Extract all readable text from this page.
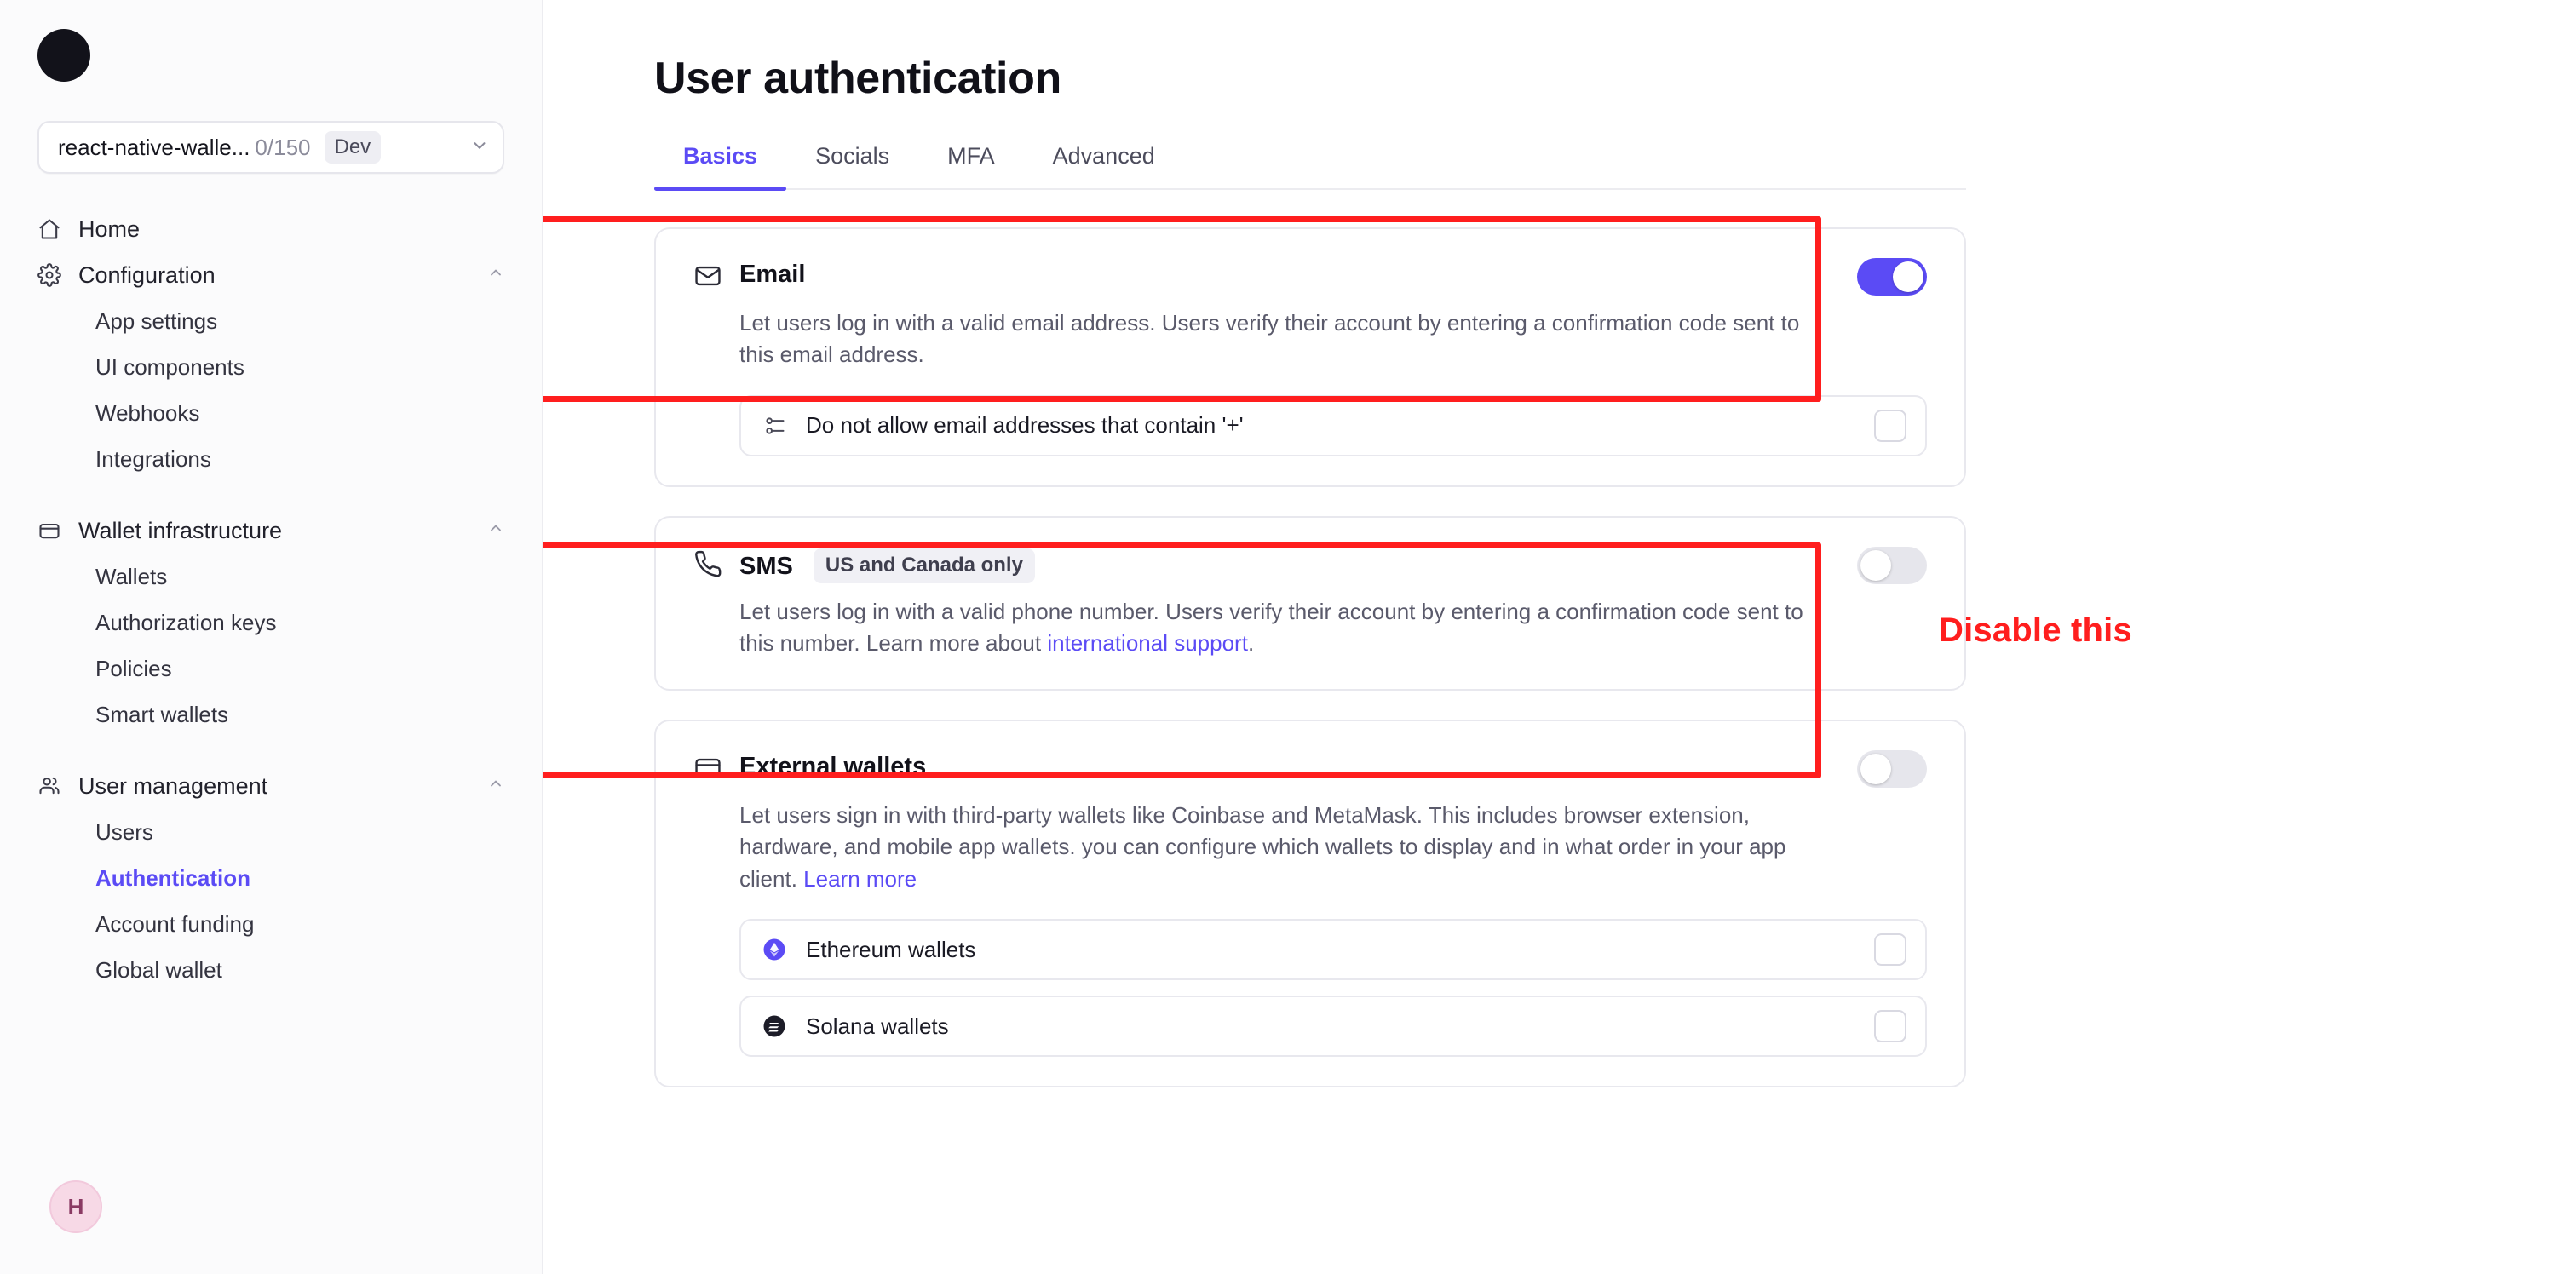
react-native-walle... 0/150	Dev
Home
Configuration
App settings
UI components
Webhooks
Integrations
Wallet infrastructure
Wallets
Authorization keys
Policies
Smart wallets
User management
Users
Authentication
Account funding
Global wallet
H
User authentication
Basics	Socials	MFA	Advanced
Email
Let users log in with a valid email address. Users verify their account by entering a confirmation code sent to this email address.
Do not allow email addresses that contain '+'
SMS US and Canada only
Let users log in with a valid phone number. Users verify their account by entering a confirmation code sent to this number. Learn more about international support.
External wallets
Let users sign in with third-party wallets like Coinbase and MetaMask. This includes browser extension, hardware, and mobile app wallets. you can configure which wallets to display and in what order in your app client. Learn more
Ethereum wallets
Solana wallets
Disable this
